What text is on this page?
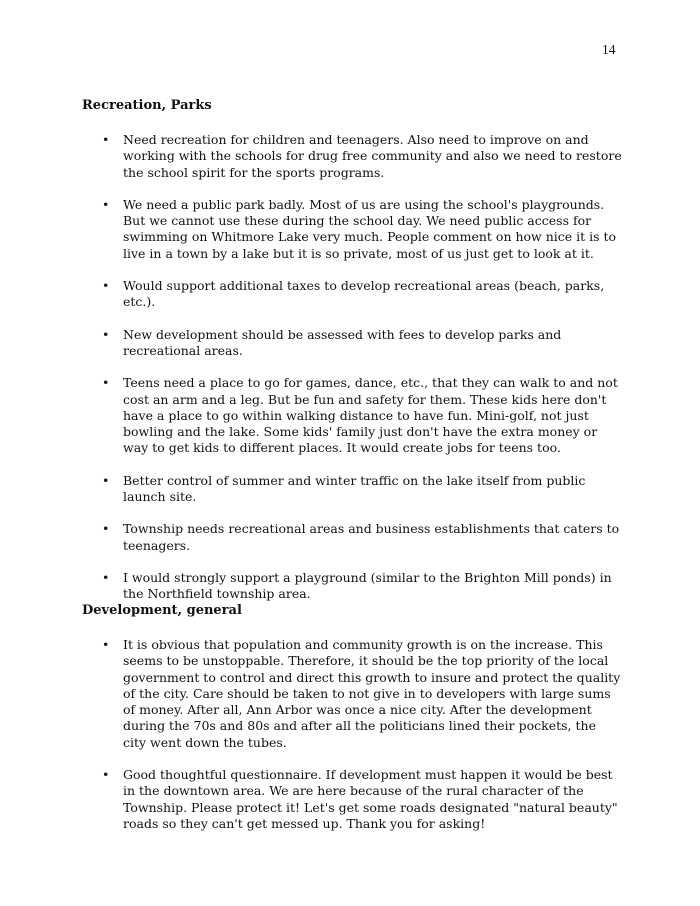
14
Recreation, Parks
• Need recreation for children and teenagers. Also need to improve on and working with the schools for drug free community and also we need to restore the school spirit for the sports programs.
• We need a public park badly. Most of us are using the school's playgrounds. But we cannot use these during the school day. We need public access for swimming on Whitmore Lake very much. People comment on how nice it is to live in a town by a lake but it is so private, most of us just get to look at it.
• Would support additional taxes to develop recreational areas (beach, parks, etc.).
• New development should be assessed with fees to develop parks and recreational areas.
• Teens need a place to go for games, dance, etc., that they can walk to and not cost an arm and a leg. But be fun and safety for them. These kids here don't have a place to go within walking distance to have fun. Mini-golf, not just bowling and the lake. Some kids' family just don't have the extra money or way to get kids to different places. It would create jobs for teens too.
• Better control of summer and winter traffic on the lake itself from public launch site.
• Township needs recreational areas and business establishments that caters to teenagers.
• I would strongly support a playground (similar to the Brighton Mill ponds) in the Northfield township area.
Development, general
• It is obvious that population and community growth is on the increase. This seems to be unstoppable. Therefore, it should be the top priority of the local government to control and direct this growth to insure and protect the quality of the city. Care should be taken to not give in to developers with large sums of money. After all, Ann Arbor was once a nice city. After the development during the 70s and 80s and after all the politicians lined their pockets, the city went down the tubes.
• Good thoughtful questionnaire. If development must happen it would be best in the downtown area. We are here because of the rural character of the Township. Please protect it! Let's get some roads designated "natural beauty" roads so they can't get messed up. Thank you for asking!
